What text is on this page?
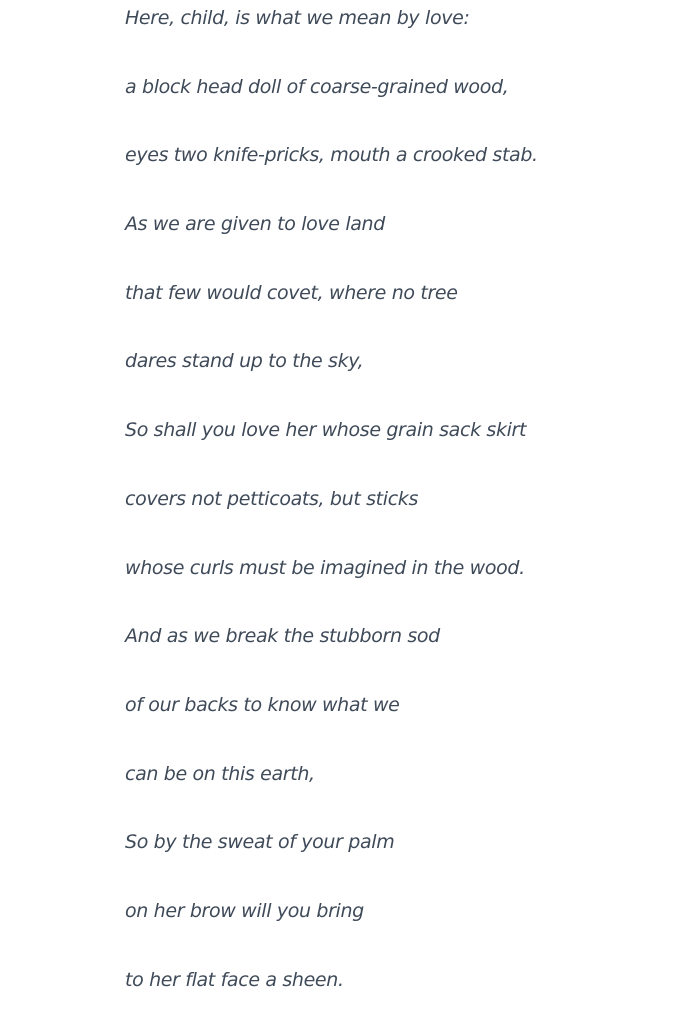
Here, child, is what we mean by love:

a block head doll of coarse-grained wood,

eyes two knife-pricks, mouth a crooked stab.

As we are given to love land

that few would covet, where no tree

dares stand up to the sky,

So shall you love her whose grain sack skirt

covers not petticoats, but sticks

whose curls must be imagined in the wood.

And as we break the stubborn sod

of our backs to know what we

can be on this earth,

So by the sweat of your palm

on her brow will you bring

to her flat face a sheen.
